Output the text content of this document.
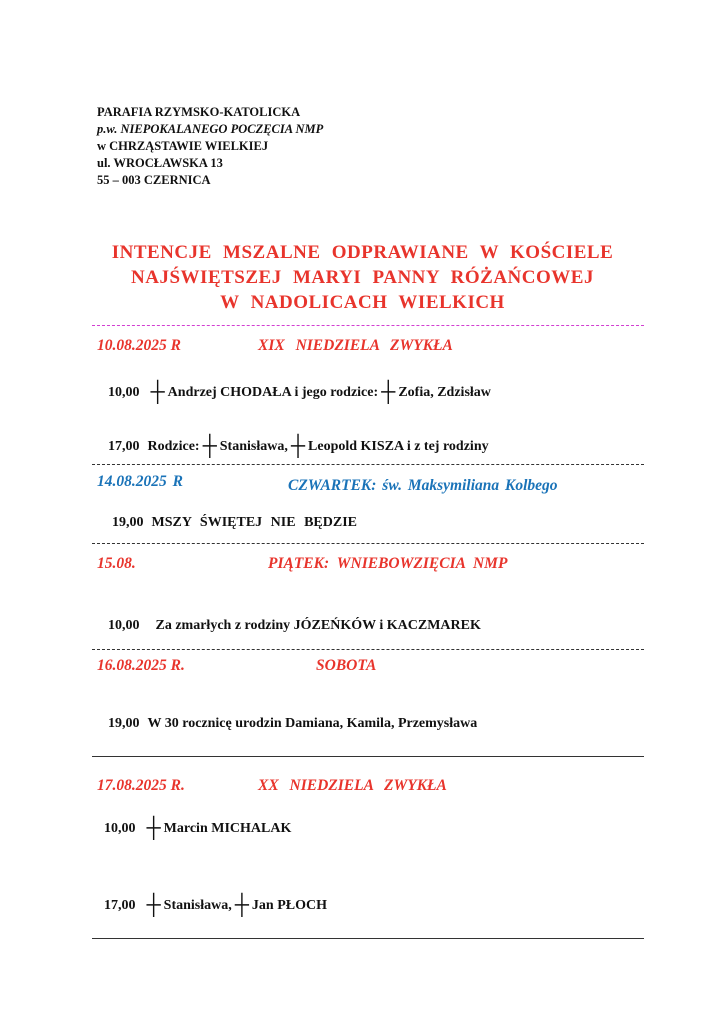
PARAFIA RZYMSKO-KATOLICKA
p.w. NIEPOKALANEGO POCZĘCIA NMP
w CHRZĄSTAWIE WIELKIEJ
ul. WROCŁAWSKA 13
55 – 003 CZERNICA
INTENCJE MSZALNE ODPRAWIANE W KOŚCIELE
NAJŚWIĘTSZEJ MARYI PANNY RÓŻAŃCOWEJ
W NADOLICACH WIELKICH
10.08.2025 R	XIX NIEDZIELA ZWYKŁA
10,00 ┼ Andrzej CHODAŁA i jego rodzice: ┼ Zofia, Zdzisław
17,00 Rodzice: ┼ Stanisława, ┼ Leopold KISZA i z tej rodziny
14.08.2025 R	CZWARTEK: św. Maksymiliana Kolbego
19,00 MSZY ŚWIĘTEJ NIE BĘDZIE
15.08.	PIĄTEK: WNIEBOWZIĘCIA NMP
10,00 Za zmarłych z rodziny JÓZEŃKÓW i KACZMAREK
16.08.2025 R.	SOBOTA
19,00 W 30 rocznicę urodzin Damiana, Kamila, Przemysława
17.08.2025 R.	XX NIEDZIELA ZWYKŁA
10,00 ┼ Marcin MICHALAK
17,00 ┼ Stanisława, ┼ Jan PŁOCH
